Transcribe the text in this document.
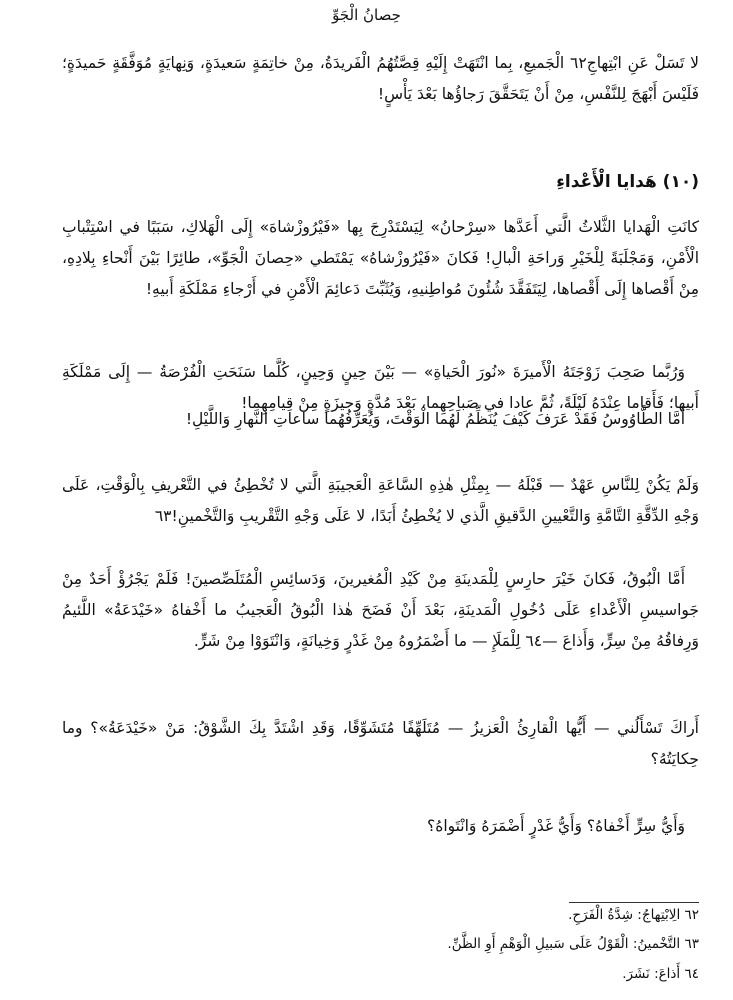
حِصانُ الْجَوِّ

لا تَسَلْ عَنِ ابْتِهاجِ٦٢ الْجَميعِ، بِما انْتَهَتْ إِلَيْهِ قِصَّتُهُمُ الْفَريدَةُ، مِنْ خاتِمَةٍ سَعيدَةٍ، وَنِهايَةٍ مُوَفَّقَةٍ حَميدَةٍ؛ فَلَيْسَ أَبْهَجَ لِلنَّفْسِ، مِنْ أَنْ يَتَحَقَّقَ رَجاؤُها بَعْدَ يَأْسٍ!

(١٠) هَدايا الْأَعْداءِ

كانَتِ الْهَدايا الثَّلاثُ الَّتي أَعَدَّها «سِرْحانُ» لِيَسْتَدْرِجَ بِها «فَيْرُوزْشاهَ» إِلَى الْهَلاكِ، سَبَبًا في اسْتِتْبابِ الْأَمْنِ، وَمَجْلَبَةً لِلْخَيْرِ وَراحَةِ الْبالِ! فَكانَ «فَيْرُوزْشاهُ» يَمْتَطي «حِصانَ الْجَوِّ»، طائِرًا بَيْنَ أَنْحاءِ بِلادِهِ، مِنْ أَقْصاها إِلَى أَقْصاها، لِيَتَفَقَّدَ شُئُونَ مُواطِنيهِ، وَيُثَبِّتَ دَعائِمَ الْأَمْنِ في أَرْجاءِ مَمْلَكَةِ أَبيهِ!

وَرُبَّما صَحِبَ زَوْجَتَهُ الْأَميرَةَ «نُورَ الْحَياةِ» — بَيْنَ حِينٍ وَحِينٍ، كُلَّما سَنَحَتِ الْفُرْصَةُ — إِلَى مَمْلَكَةِ أَبيها؛ فَأَقاما عِنْدَهُ لَيْلَةً، ثُمَّ عادا في صَباحِهِما، بَعْدَ مُدَّةٍ وَجيزَةٍ مِنْ قِيامِهِما!

أَمَّا الطَّاوُوسُ فَقَدْ عَرَفَ كَيْفَ يُنَظِّمُ لَهُما الْوَقْتَ، وَيُعَرِّفُهُما ساعاتِ النَّهارِ وَاللَّيْلِ!

وَلَمْ يَكُنْ لِلنَّاسِ عَهْدٌ — قَبْلَهُ — بِمِثْلِ هٰذِهِ السَّاعَةِ الْعَجيبَةِ الَّتي لا تُخْطِئُ في التَّعْريفِ بِالْوَقْتِ، عَلَى وَجْهِ الدِّقَّةِ التَّامَّةِ وَالتَّعْيينِ الدَّقيقِ الَّذي لا يُخْطِئُ أَبَدًا، لا عَلَى وَجْهِ التَّقْريبِ وَالتَّخْمينِ!٦٣

أَمَّا الْبُوقُ، فَكانَ خَيْرَ حارِسٍ لِلْمَدينَةِ مِنْ كَيْدِ الْمُغيرينَ، وَدَسائِسِ الْمُتَلَصِّصينَ! فَلَمْ يَجْرُؤْ أَحَدٌ مِنْ جَواسيسِ الْأَعْداءِ عَلَى دُخُولِ الْمَدينَةِ، بَعْدَ أَنْ فَضَحَ هٰذا الْبُوقُ الْعَجيبُ ما أَخْفاهُ «خَيْدَعَةُ» اللَّئيمُ وَرِفاقُهُ مِنْ سِرٍّ، وَأَذاعَ —٦٤ لِلْمَلَإِ — ما أَضْمَرُوهُ مِنْ غَدْرٍ وَخِيانَةٍ، وَانْتَوَوْا مِنْ شَرٍّ.

أَراكَ تَسْأَلُني — أَيُّها الْقارِئُ الْعَزيزُ — مُتَلَهِّفًا مُتَشَوِّقًا، وَقَدِ اشْتَدَّ بِكَ الشَّوْقُ: مَنْ «خَيْدَعَةُ»؟ وما حِكايَتُهُ؟

وَأَيُّ سِرٍّ أَخْفاهُ؟ وَأَيُّ غَدْرٍ أَضْمَرَهُ وَانْتَواهُ؟

٦٢ الِابْتِهاجُ: شِدَّةُ الْفَرَحِ.
٦٣ التَّخْمينُ: الْقَوْلُ عَلَى سَبيلِ الْوَهْمِ أَوِ الظَّنِّ.
٦٤ أَذاعَ: نَشَرَ.
